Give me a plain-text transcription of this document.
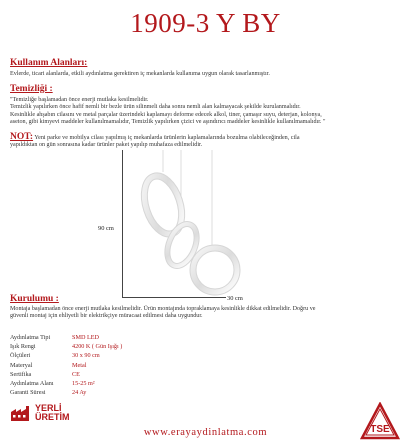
1909-3 Y BY
Kullanım Alanları:
Evlerde, ticari alanlarda, etkili aydınlatma gerektiren iç mekanlarda kullanıma uygun olarak tasarlanmıştır.
Temizliği :
"Temizliğe başlamadan önce enerji mutlaka kesilmelidir.
Temizlik yapılırken önce hafif nemli bir bezle ürün silinmeli daha sonra nemli alan kalmayacak şekilde kurulanmalıdır.
Kesinlikle ahşabın cilasını ve metal parçalar üzerindeki kaplamayı deforme edecek alkol, tiner, çamaşır suyu, deterjan, kolonya,
aseton, gibi kimyevi maddeler kullanılmamalıdır, Temizlik yapılırken çizici ve aşındırıcı maddeler kesinlikle kullanılmamalıdır. "
NOT: Yeni parke ve mobilya cilası yapılmış iç mekanlarda ürünlerin kaplamalarında bozulma olabileceğinden, cila
yapıldıktan on gün sonrasına kadar ürünler paket yapılıp muhafaza edilmelidir.
90 cm
30 cm
Kurulumu :
Montaja başlamadan önce enerji mutlaka kesilmelidir. Ürün montajında topraklamaya kesinlikle dikkat edilmelidir. Doğru ve
güvenli montaj için ehliyetli bir elektrikçiye müracaat edilmesi daha uygundur.
Aydınlatma Tipi	SMD LED
Işık Rengi	4200 K ( Gün Işığı )
Ölçüleri	30 x 90 cm
Materyal	Metal
Sertifika	CE
Aydınlatma Alanı	15-25 m²
Garanti Süresi	24 Ay
YERLİ
ÜRETİM
www.erayaydinlatma.com	TSE
